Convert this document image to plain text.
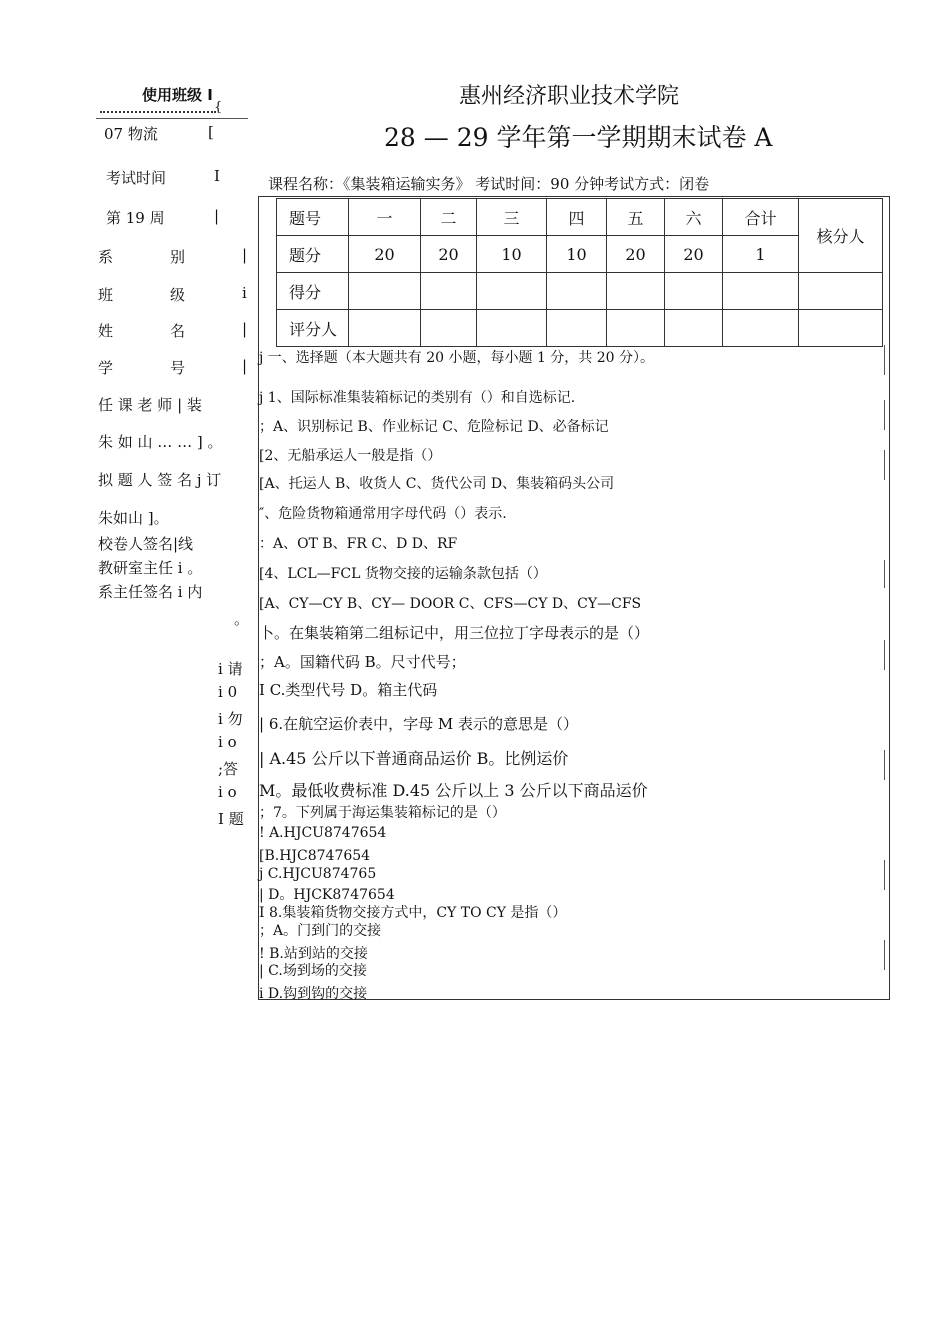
使用班级 I
{
07 物流	[
考试时间	I
第 19 周	|
系	别	|
班	级	i
姓	名	|
学	号	|
任 课 老 师 | 装
朱 如 山 … … ] 。
拟 题 人 签 名 j 订
朱如山 ]。
校卷人签名|线
教研室主任 i 。
系主任签名 i 内
。
i 请
i 0
i 勿
i o
;答
i o
I 题
惠州经济职业技术学院
28 — 29 学年第一学期期末试卷 A
课程名称：《集装箱运输实务》 考试时间：90 分钟考试方式：闭卷
题号	一	二	三	四	五	六	合计	核分人
题分	20	20	10	10	20	20	1	
得分								
评分人								
j 一、选择题（本大题共有 20 小题，每小题 1 分，共 20 分）。
j 1、国际标准集装箱标记的类别有（）和自选标记.
；A、识别标记 B、作业标记 C、危险标记 D、必备标记
[2、无船承运人一般是指（）
[A、托运人 B、收货人 C、货代公司 D、集装箱码头公司
″、危险货物箱通常用字母代码（）表示.
：A、OT B、FR C、D D、RF
[4、LCL—FCL 货物交接的运输条款包括（）
[A、CY—CY B、CY— DOOR C、CFS—CY D、CY—CFS
卜。在集装箱第二组标记中，用三位拉丁字母表示的是（）
；A。国籍代码 B。尺寸代号；
I C.类型代号 D。箱主代码
| 6.在航空运价表中，字母 M 表示的意思是（）
| A.45 公斤以下普通商品运价 B。比例运价
M。最低收费标准 D.45 公斤以上 3 公斤以下商品运价
；7。下列属于海运集装箱标记的是（）
! A.HJCU8747654
[B.HJC8747654
j C.HJCU874765
| D。HJCK8747654
I 8.集装箱货物交接方式中，CY TO CY 是指（）
；A。门到门的交接
! B.站到站的交接
| C.场到场的交接
i D.钩到钩的交接
